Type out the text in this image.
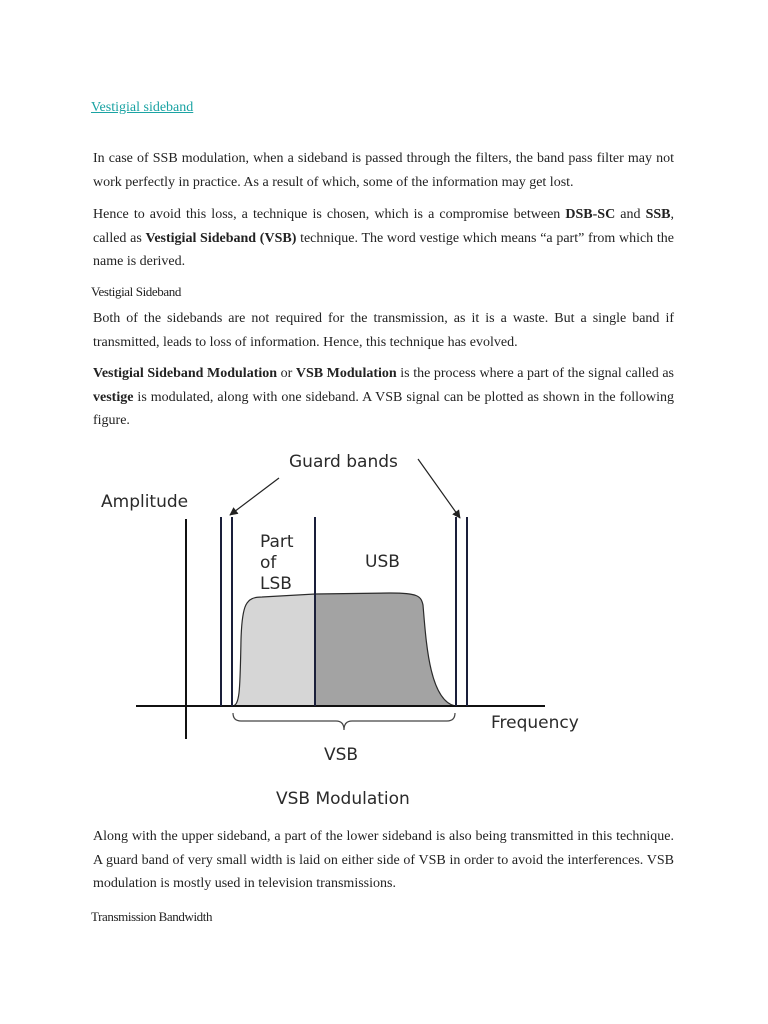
Vestigial sideband

In case of SSB modulation, when a sideband is passed through the filters, the band pass filter may not work perfectly in practice. As a result of which, some of the information may get lost.

Hence to avoid this loss, a technique is chosen, which is a compromise between DSB-SC and SSB, called as Vestigial Sideband (VSB) technique. The word vestige which means “a part” from which the name is derived.

Vestigial Sideband

Both of the sidebands are not required for the transmission, as it is a waste. But a single band if transmitted, leads to loss of information. Hence, this technique has evolved.

Vestigial Sideband Modulation or VSB Modulation is the process where a part of the signal called as vestige is modulated, along with one sideband. A VSB signal can be plotted as shown in the following figure.

Guard bands
Amplitude
Part
of
LSB
USB
Frequency
VSB
VSB Modulation

Along with the upper sideband, a part of the lower sideband is also being transmitted in this technique. A guard band of very small width is laid on either side of VSB in order to avoid the interferences. VSB modulation is mostly used in television transmissions.

Transmission Bandwidth
